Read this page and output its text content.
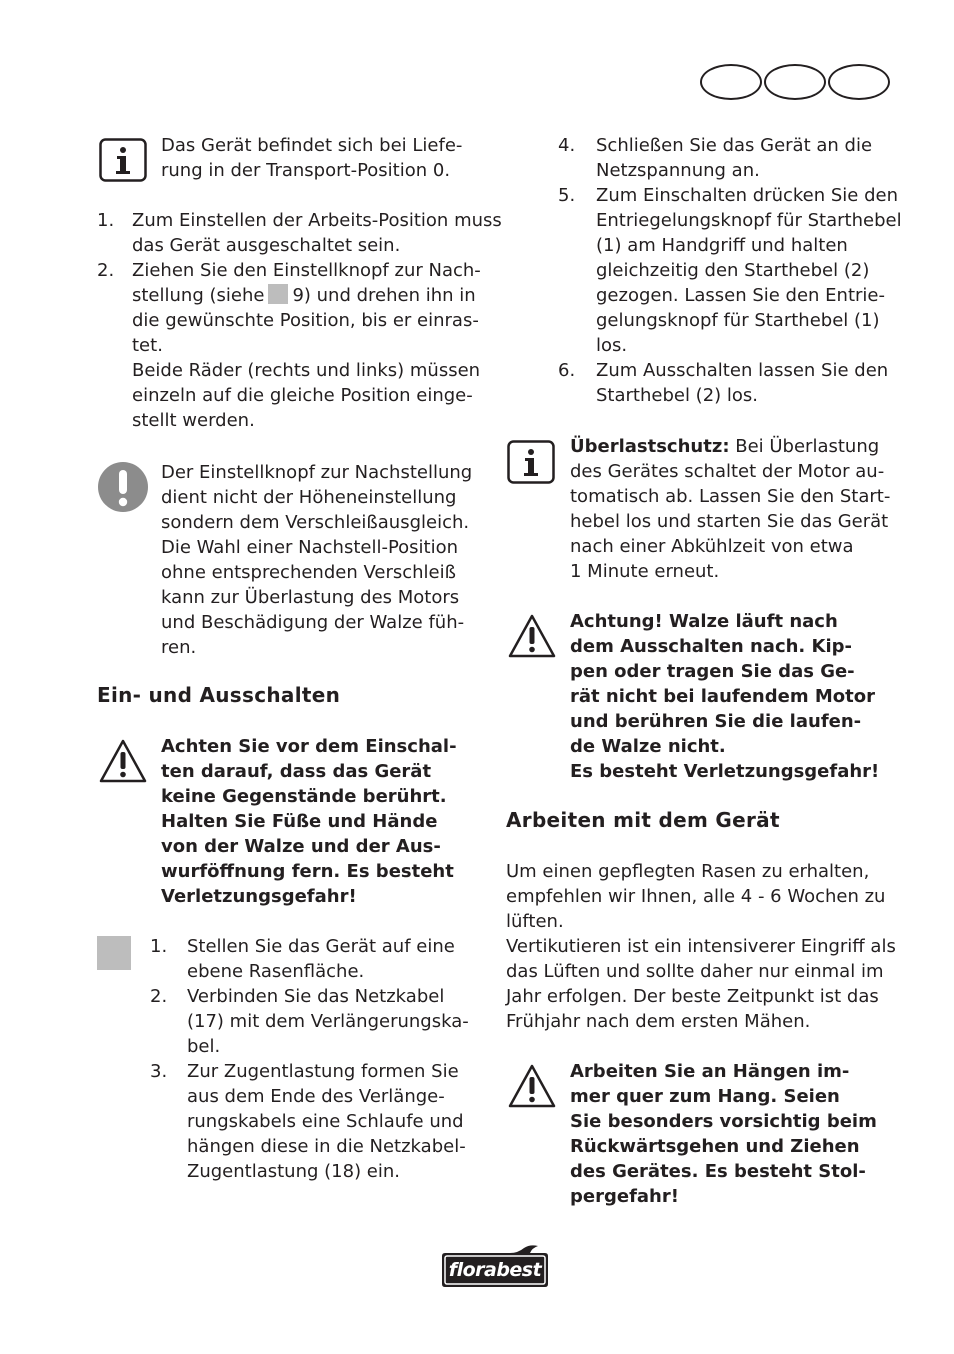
Das Gerät befindet sich bei Liefe-
rung in der Transport-Position 0.
1. Zum Einstellen der Arbeits-Position muss
das Gerät ausgeschaltet sein.
2. Ziehen Sie den Einstellknopf zur Nach-
stellung (siehe 9) und drehen ihn in
die gewünschte Position, bis er einras-
tet.
Beide Räder (rechts und links) müssen
einzeln auf die gleiche Position einge-
stellt werden.
Der Einstellknopf zur Nachstellung
dient nicht der Höheneinstellung
sondern dem Verschleißausgleich.
Die Wahl einer Nachstell-Position
ohne entsprechenden Verschleiß
kann zur Überlastung des Motors
und Beschädigung der Walze füh-
ren.
Ein- und Ausschalten
Achten Sie vor dem Einschal-
ten darauf, dass das Gerät
keine Gegenstände berührt.
Halten Sie Füße und Hände
von der Walze und der Aus-
wurföffnung fern. Es besteht
Verletzungsgefahr!
1. Stellen Sie das Gerät auf eine
ebene Rasenfläche.
2. Verbinden Sie das Netzkabel
(17) mit dem Verlängerungska-
bel.
3. Zur Zugentlastung formen Sie
aus dem Ende des Verlänge-
rungskabels eine Schlaufe und
hängen diese in die Netzkabel-
Zugentlastung (18) ein.
4. Schließen Sie das Gerät an die
Netzspannung an.
5. Zum Einschalten drücken Sie den
Entriegelungsknopf für Starthebel
(1) am Handgriff und halten
gleichzeitig den Starthebel (2)
gezogen. Lassen Sie den Entrie-
gelungsknopf für Starthebel (1)
los.
6. Zum Ausschalten lassen Sie den
Starthebel (2) los.
Überlastschutz: Bei Überlastung
des Gerätes schaltet der Motor au-
tomatisch ab. Lassen Sie den Start-
hebel los und starten Sie das Gerät
nach einer Abkühlzeit von etwa
1 Minute erneut.
Achtung! Walze läuft nach
dem Ausschalten nach. Kip-
pen oder tragen Sie das Ge-
rät nicht bei laufendem Motor
und berühren Sie die laufen-
de Walze nicht.
Es besteht Verletzungsgefahr!
Arbeiten mit dem Gerät
Um einen gepflegten Rasen zu erhalten,
empfehlen wir Ihnen, alle 4 - 6 Wochen zu
lüften.
Vertikutieren ist ein intensiverer Eingriff als
das Lüften und sollte daher nur einmal im
Jahr erfolgen. Der beste Zeitpunkt ist das
Frühjahr nach dem ersten Mähen.
Arbeiten Sie an Hängen im-
mer quer zum Hang. Seien
Sie besonders vorsichtig beim
Rückwärtsgehen und Ziehen
des Gerätes. Es besteht Stol-
pergefahr!
florabest
